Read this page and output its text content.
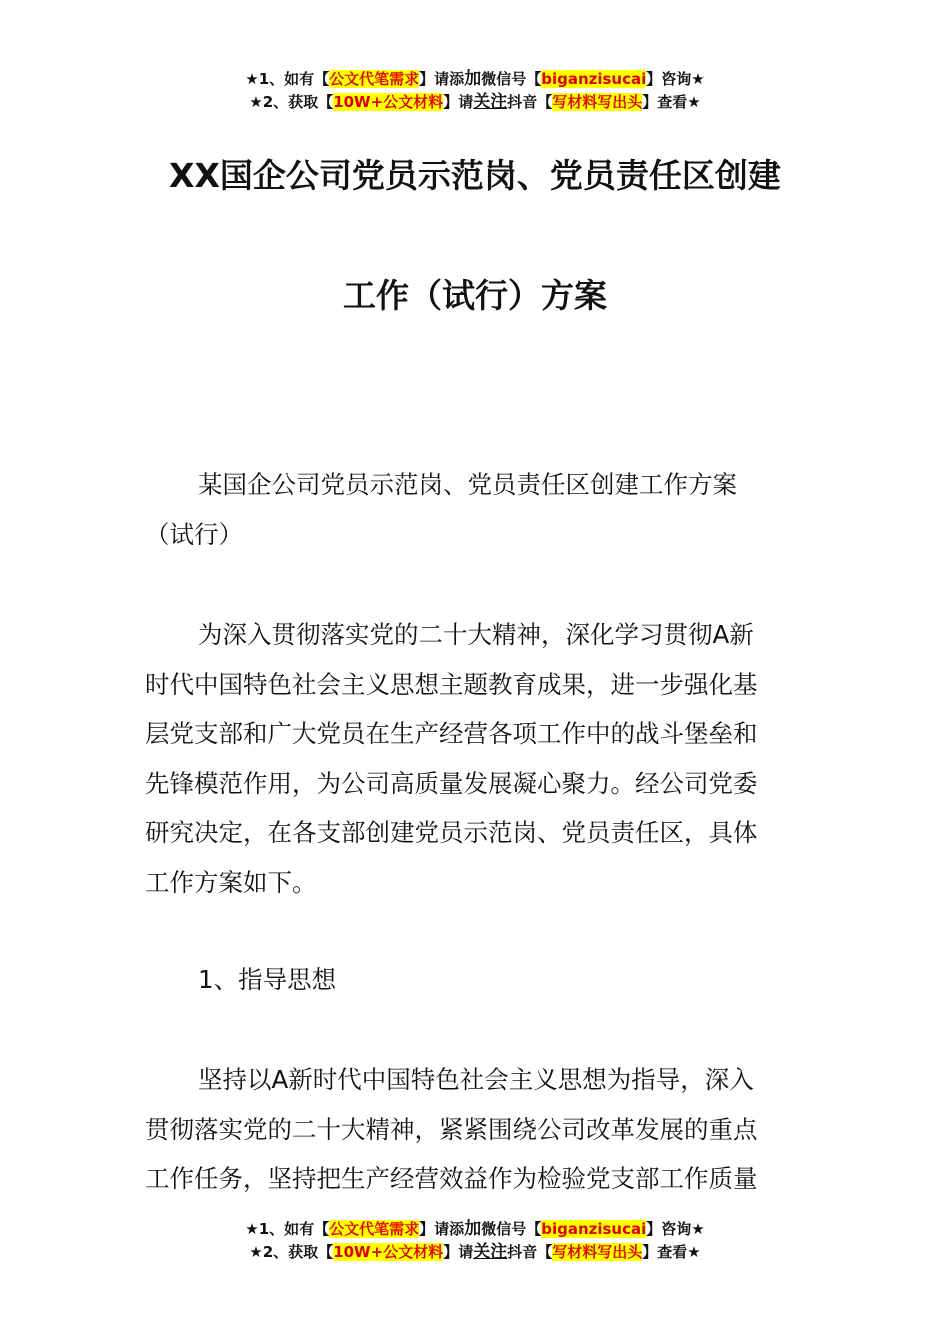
★1、如有【公文代笔需求】请添加微信号【biganzisucai】咨询★
★2、获取【10W+公文材料】请关注抖音【写材料写出头】查看★
XX国企公司党员示范岗、党员责任区创建
工作（试行）方案
某国企公司党员示范岗、党员责任区创建工作方案
（试行）
为深入贯彻落实党的二十大精神，深化学习贯彻A新
时代中国特色社会主义思想主题教育成果，进一步强化基
层党支部和广大党员在生产经营各项工作中的战斗堡垒和
先锋模范作用，为公司高质量发展凝心聚力。经公司党委
研究决定，在各支部创建党员示范岗、党员责任区，具体
工作方案如下。
1、指导思想
坚持以A新时代中国特色社会主义思想为指导，深入
贯彻落实党的二十大精神，紧紧围绕公司改革发展的重点
工作任务，坚持把生产经营效益作为检验党支部工作质量
★1、如有【公文代笔需求】请添加微信号【biganzisucai】咨询★
★2、获取【10W+公文材料】请关注抖音【写材料写出头】查看★
